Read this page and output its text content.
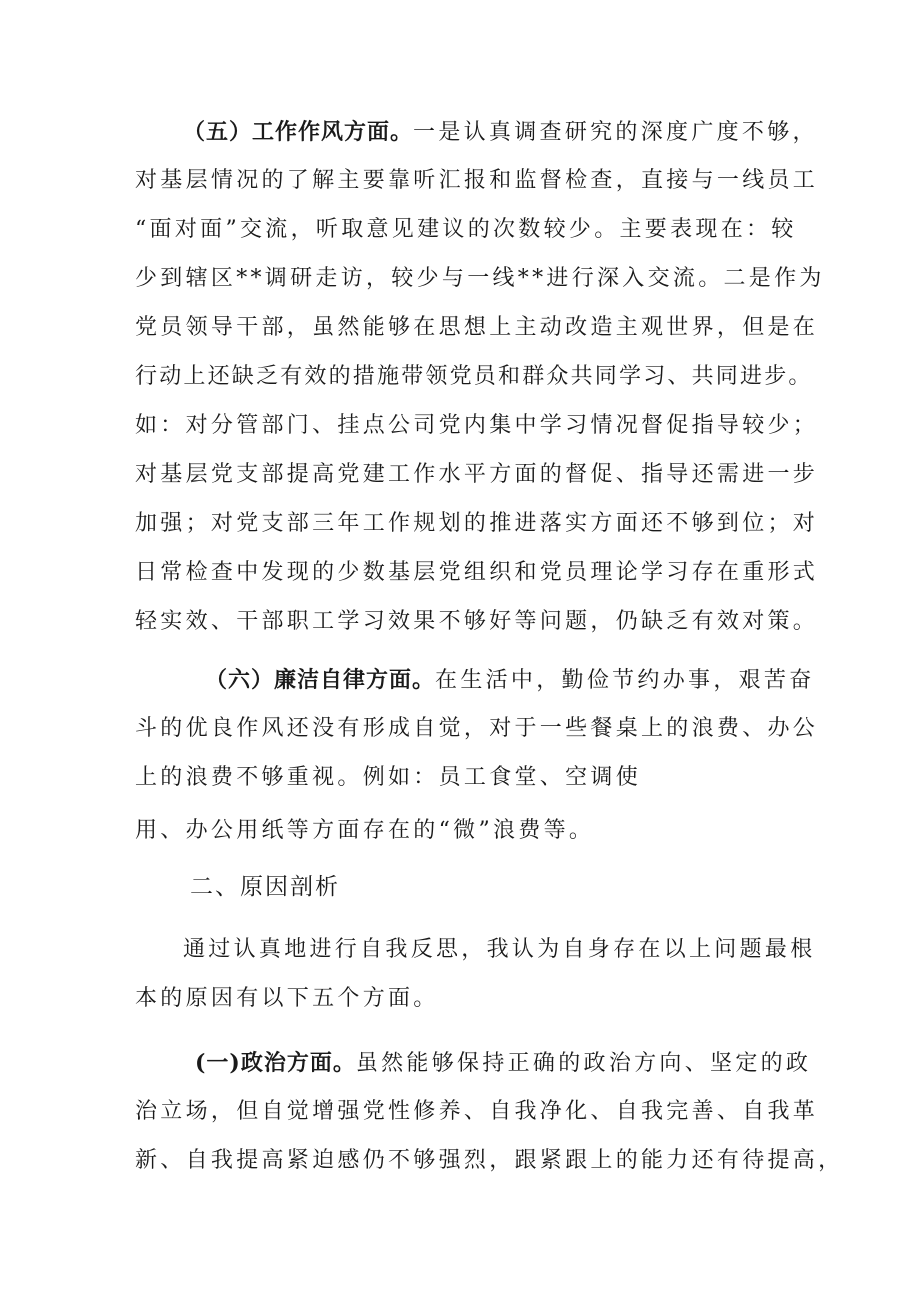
（五）工作作风方面。一是认真调查研究的深度广度不够，
对基层情况的了解主要靠听汇报和监督检查，直接与一线员工
“面对面”交流，听取意见建议的次数较少。主要表现在：较
少到辖区**调研走访，较少与一线**进行深入交流。二是作为
党员领导干部，虽然能够在思想上主动改造主观世界，但是在
行动上还缺乏有效的措施带领党员和群众共同学习、共同进步。
如：对分管部门、挂点公司党内集中学习情况督促指导较少；
对基层党支部提高党建工作水平方面的督促、指导还需进一步
加强；对党支部三年工作规划的推进落实方面还不够到位；对
日常检查中发现的少数基层党组织和党员理论学习存在重形式
轻实效、干部职工学习效果不够好等问题，仍缺乏有效对策。
（六）廉洁自律方面。在生活中，勤俭节约办事，艰苦奋
斗的优良作风还没有形成自觉，对于一些餐桌上的浪费、办公
上的浪费不够重视。例如：员工食堂、空调使
用、办公用纸等方面存在的“微”浪费等。
二、原因剖析
通过认真地进行自我反思，我认为自身存在以上问题最根
本的原因有以下五个方面。
(一)政治方面。虽然能够保持正确的政治方向、坚定的政
治立场，但自觉增强党性修养、自我净化、自我完善、自我革
新、自我提高紧迫感仍不够强烈，跟紧跟上的能力还有待提高，
